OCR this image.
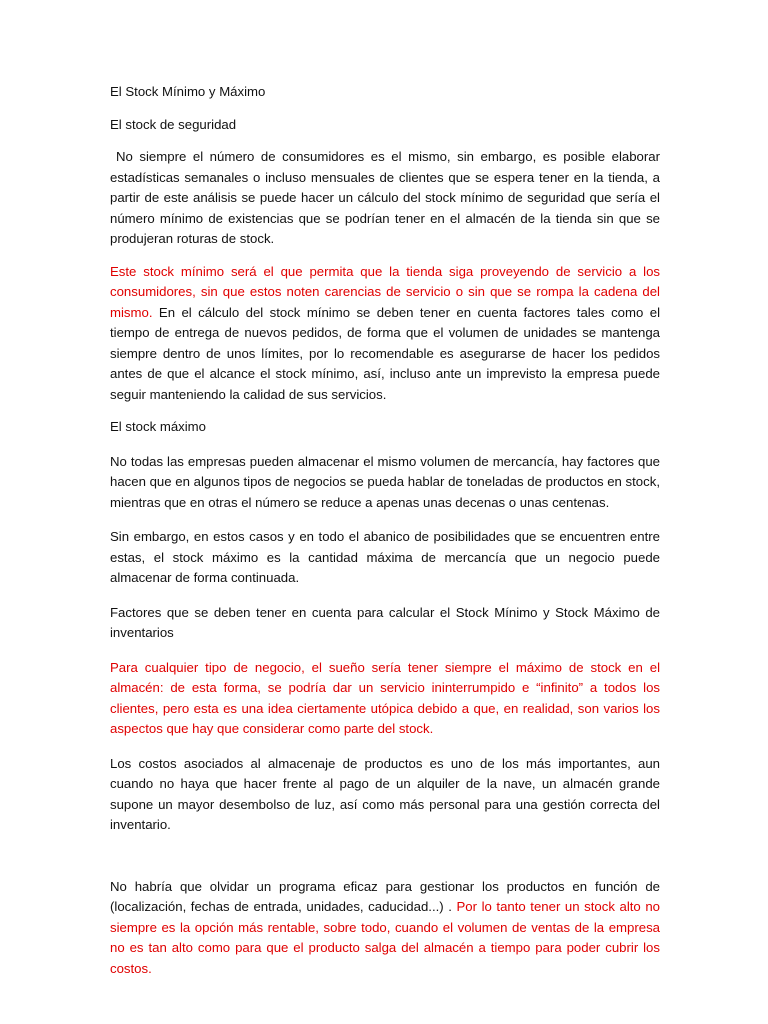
El Stock Mínimo y Máximo

El stock de seguridad

No siempre el número de consumidores es el mismo, sin embargo, es posible elaborar estadísticas semanales o incluso mensuales de clientes que se espera tener en la tienda, a partir de este análisis se puede hacer un cálculo del stock mínimo de seguridad que sería el número mínimo de existencias que se podrían tener en el almacén de la tienda sin que se produjeran roturas de stock.

Este stock mínimo será el que permita que la tienda siga proveyendo de servicio a los consumidores, sin que estos noten carencias de servicio o sin que se rompa la cadena del mismo. En el cálculo del stock mínimo se deben tener en cuenta factores tales como el tiempo de entrega de nuevos pedidos, de forma que el volumen de unidades se mantenga siempre dentro de unos límites, por lo recomendable es asegurarse de hacer los pedidos antes de que el alcance el stock mínimo, así, incluso ante un imprevisto la empresa puede seguir manteniendo la calidad de sus servicios.

El stock máximo

No todas las empresas pueden almacenar el mismo volumen de mercancía, hay factores que hacen que en algunos tipos de negocios se pueda hablar de toneladas de productos en stock, mientras que en otras el número se reduce a apenas unas decenas o unas centenas.

Sin embargo, en estos casos y en todo el abanico de posibilidades que se encuentren entre estas, el stock máximo es la cantidad máxima de mercancía que un negocio puede almacenar de forma continuada.

Factores que se deben tener en cuenta para calcular el Stock Mínimo y Stock Máximo de inventarios

Para cualquier tipo de negocio, el sueño sería tener siempre el máximo de stock en el almacén: de esta forma, se podría dar un servicio ininterrumpido e “infinito” a todos los clientes, pero esta es una idea ciertamente utópica debido a que, en realidad, son varios los aspectos que hay que considerar como parte del stock.

Los costos asociados al almacenaje de productos es uno de los más importantes, aun cuando no haya que hacer frente al pago de un alquiler de la nave, un almacén grande supone un mayor desembolso de luz, así como más personal para una gestión correcta del inventario.

No habría que olvidar un programa eficaz para gestionar los productos en función de (localización, fechas de entrada, unidades, caducidad...) . Por lo tanto tener un stock alto no siempre es la opción más rentable, sobre todo, cuando el volumen de ventas de la empresa no es tan alto como para que el producto salga del almacén a tiempo para poder cubrir los costos.
